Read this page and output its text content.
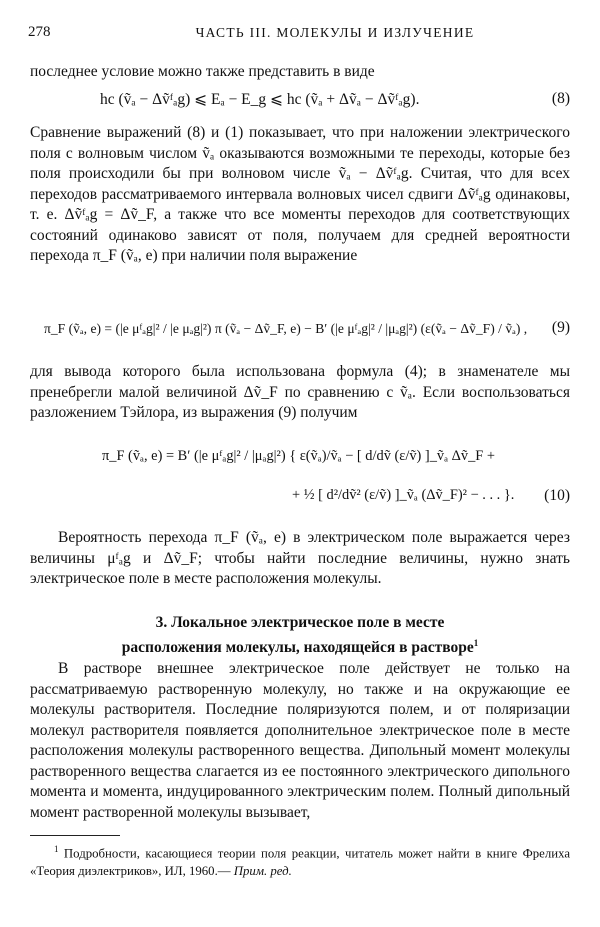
278	ЧАСТЬ III. МОЛЕКУЛЫ И ИЗЛУЧЕНИЕ
последнее условие можно также представить в виде
hc (ṽₐ − Δṽᶠₐg) ⩽ Eₐ − E_g ⩽ hc (ṽₐ + Δṽₐ − Δṽᶠₐg).	(8)
Сравнение выражений (8) и (1) показывает, что при наложении электрического поля с волновым числом ṽₐ оказываются возможными те переходы, которые без поля происходили бы при волновом числе ṽₐ − Δṽᶠₐg. Считая, что для всех переходов рассматриваемого интервала волновых чисел сдвиги Δṽᶠₐg одинаковы, т. е. Δṽᶠₐg = Δṽ_F, а также что все моменты переходов для соответствующих состояний одинаково зависят от поля, получаем для средней вероятности перехода π_F (ṽₐ, e) при наличии поля выражение
π_F (ṽₐ, e) = (|e μᶠₐg|² / |e μₐg|²) π (ṽₐ − Δṽ_F, e) − B′ (|e μᶠₐg|² / |μₐg|²) (ε(ṽₐ − Δṽ_F) / ṽₐ) , (9)
для вывода которого была использована формула (4); в знаменателе мы пренебрегли малой величиной Δṽ_F по сравнению с ṽₐ. Если воспользоваться разложением Тэйлора, из выражения (9) получим
π_F (ṽₐ, e) = B′ (|e μᶠₐg|² / |μₐg|²) { ε(ṽₐ)/ṽₐ − [ d/dṽ (ε/ṽ) ]_ṽₐ Δṽ_F +
+ ½ [ d²/dṽ² (ε/ṽ) ]_ṽₐ (Δṽ_F)² − . . . }. (10)
Вероятность перехода π_F (ṽₐ, e) в электрическом поле выражается через величины μᶠₐg и Δṽ_F; чтобы найти последние величины, нужно знать электрическое поле в месте расположения молекулы.
3. Локальное электрическое поле в месте
расположения молекулы, находящейся в растворе$^1$
В растворе внешнее электрическое поле действует не только на рассматриваемую растворенную молекулу, но также и на окружающие ее молекулы растворителя. Последние поляризуются полем, и от поляризации молекул растворителя появляется дополнительное электрическое поле в месте расположения молекулы растворенного вещества. Дипольный момент молекулы растворенного вещества слагается из ее постоянного электрического дипольного момента и момента, индуцированного электрическим полем. Полный дипольный момент растворенной молекулы вызывает,
$^1$ Подробности, касающиеся теории поля реакции, читатель может найти в книге Фрелиха «Теория диэлектриков», ИЛ, 1960.— Прим. ред.
